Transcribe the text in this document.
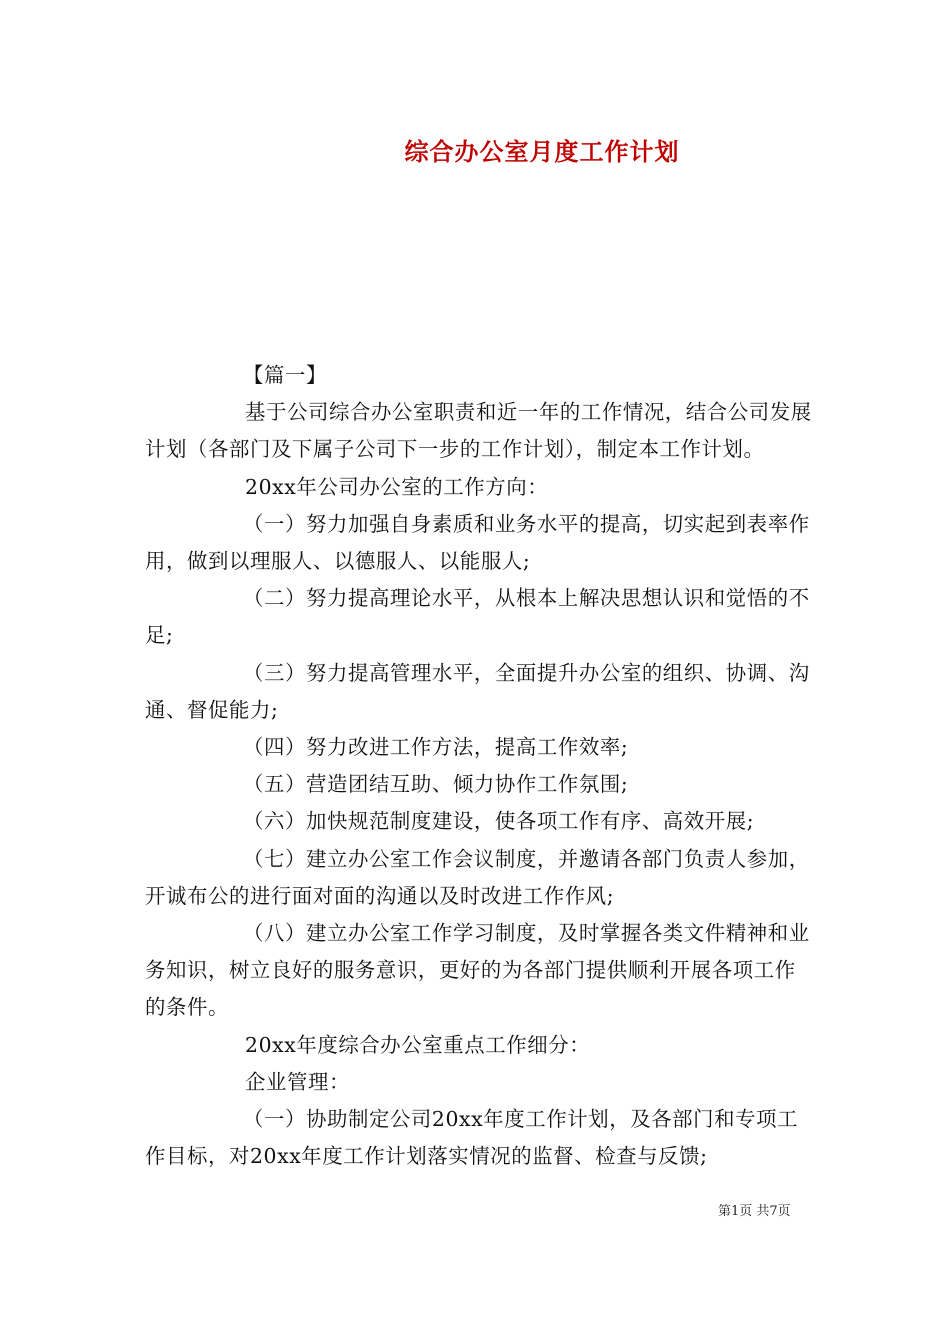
综合办公室月度工作计划

【篇一】

基于公司综合办公室职责和近一年的工作情况，结合公司发展计划（各部门及下属子公司下一步的工作计划），制定本工作计划。

20xx年公司办公室的工作方向：

（一）努力加强自身素质和业务水平的提高，切实起到表率作用，做到以理服人、以德服人、以能服人;

（二）努力提高理论水平，从根本上解决思想认识和觉悟的不足;

（三）努力提高管理水平，全面提升办公室的组织、协调、沟通、督促能力;

（四）努力改进工作方法，提高工作效率;

（五）营造团结互助、倾力协作工作氛围;

（六）加快规范制度建设，使各项工作有序、高效开展;

（七）建立办公室工作会议制度，并邀请各部门负责人参加，开诚布公的进行面对面的沟通以及时改进工作作风;

（八）建立办公室工作学习制度，及时掌握各类文件精神和业务知识，树立良好的服务意识，更好的为各部门提供顺利开展各项工作的条件。

20xx年度综合办公室重点工作细分：

企业管理：

（一）协助制定公司20xx年度工作计划，及各部门和专项工作目标，对20xx年度工作计划落实情况的监督、检查与反馈;

第1页 共7页
